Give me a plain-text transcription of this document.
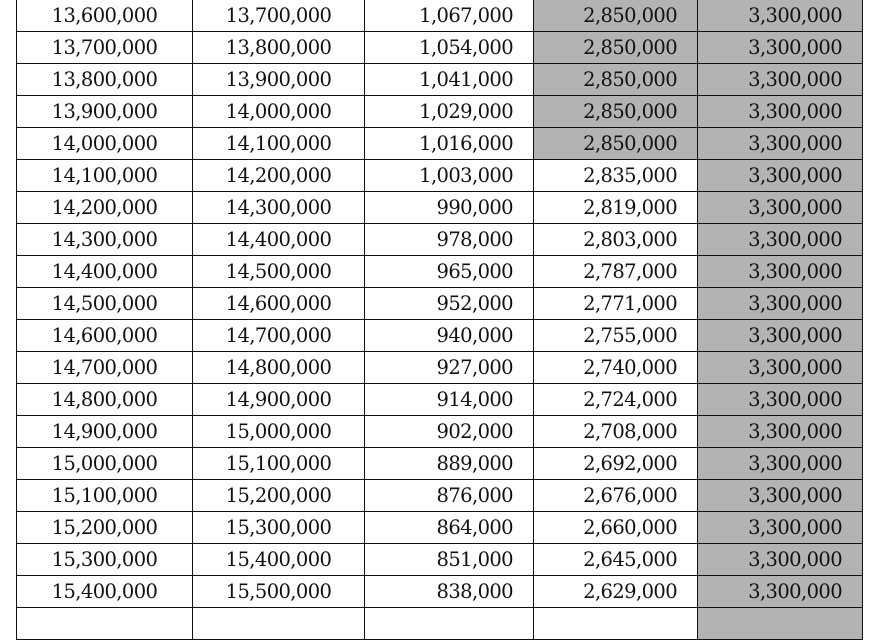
13,600,000	13,700,000	1,067,000	2,850,000	3,300,000
13,700,000	13,800,000	1,054,000	2,850,000	3,300,000
13,800,000	13,900,000	1,041,000	2,850,000	3,300,000
13,900,000	14,000,000	1,029,000	2,850,000	3,300,000
14,000,000	14,100,000	1,016,000	2,850,000	3,300,000
14,100,000	14,200,000	1,003,000	2,835,000	3,300,000
14,200,000	14,300,000	990,000	2,819,000	3,300,000
14,300,000	14,400,000	978,000	2,803,000	3,300,000
14,400,000	14,500,000	965,000	2,787,000	3,300,000
14,500,000	14,600,000	952,000	2,771,000	3,300,000
14,600,000	14,700,000	940,000	2,755,000	3,300,000
14,700,000	14,800,000	927,000	2,740,000	3,300,000
14,800,000	14,900,000	914,000	2,724,000	3,300,000
14,900,000	15,000,000	902,000	2,708,000	3,300,000
15,000,000	15,100,000	889,000	2,692,000	3,300,000
15,100,000	15,200,000	876,000	2,676,000	3,300,000
15,200,000	15,300,000	864,000	2,660,000	3,300,000
15,300,000	15,400,000	851,000	2,645,000	3,300,000
15,400,000	15,500,000	838,000	2,629,000	3,300,000
